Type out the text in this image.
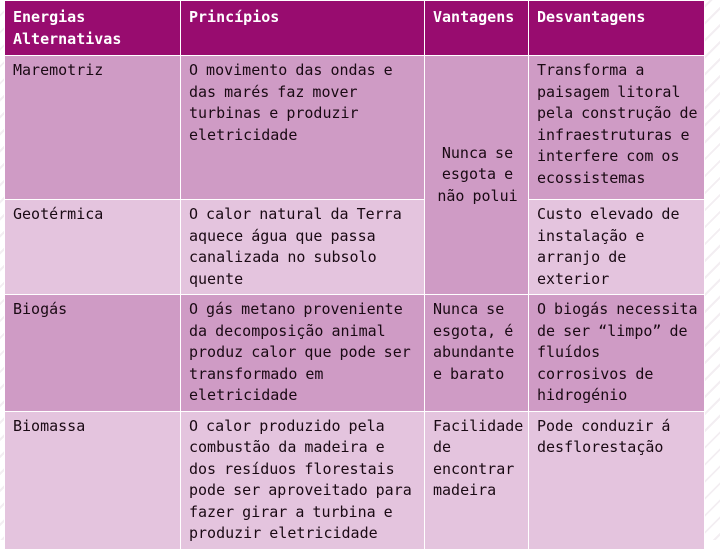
Energias Alternativas	Princípios	Vantagens	Desvantagens
Maremotriz	O movimento das ondas e das marés faz mover turbinas e produzir eletricidade	Nunca se esgota e não polui	Transforma a paisagem litoral pela construção de infraestruturas e interfere com os ecossistemas
Geotérmica	O calor natural da Terra aquece água que passa canalizada no subsolo quente		Custo elevado de instalação e arranjo de exterior
Biogás	O gás metano proveniente da decomposição animal produz calor que pode ser transformado em eletricidade	Nunca se esgota, é abundante e barato	O biogás necessita de ser “limpo” de fluídos corrosivos de hidrogénio
Biomassa	O calor produzido pela combustão da madeira e dos resíduos florestais pode ser aproveitado para fazer girar a turbina e produzir eletricidade	Facilidade de encontrar madeira	Pode conduzir á desflorestação
